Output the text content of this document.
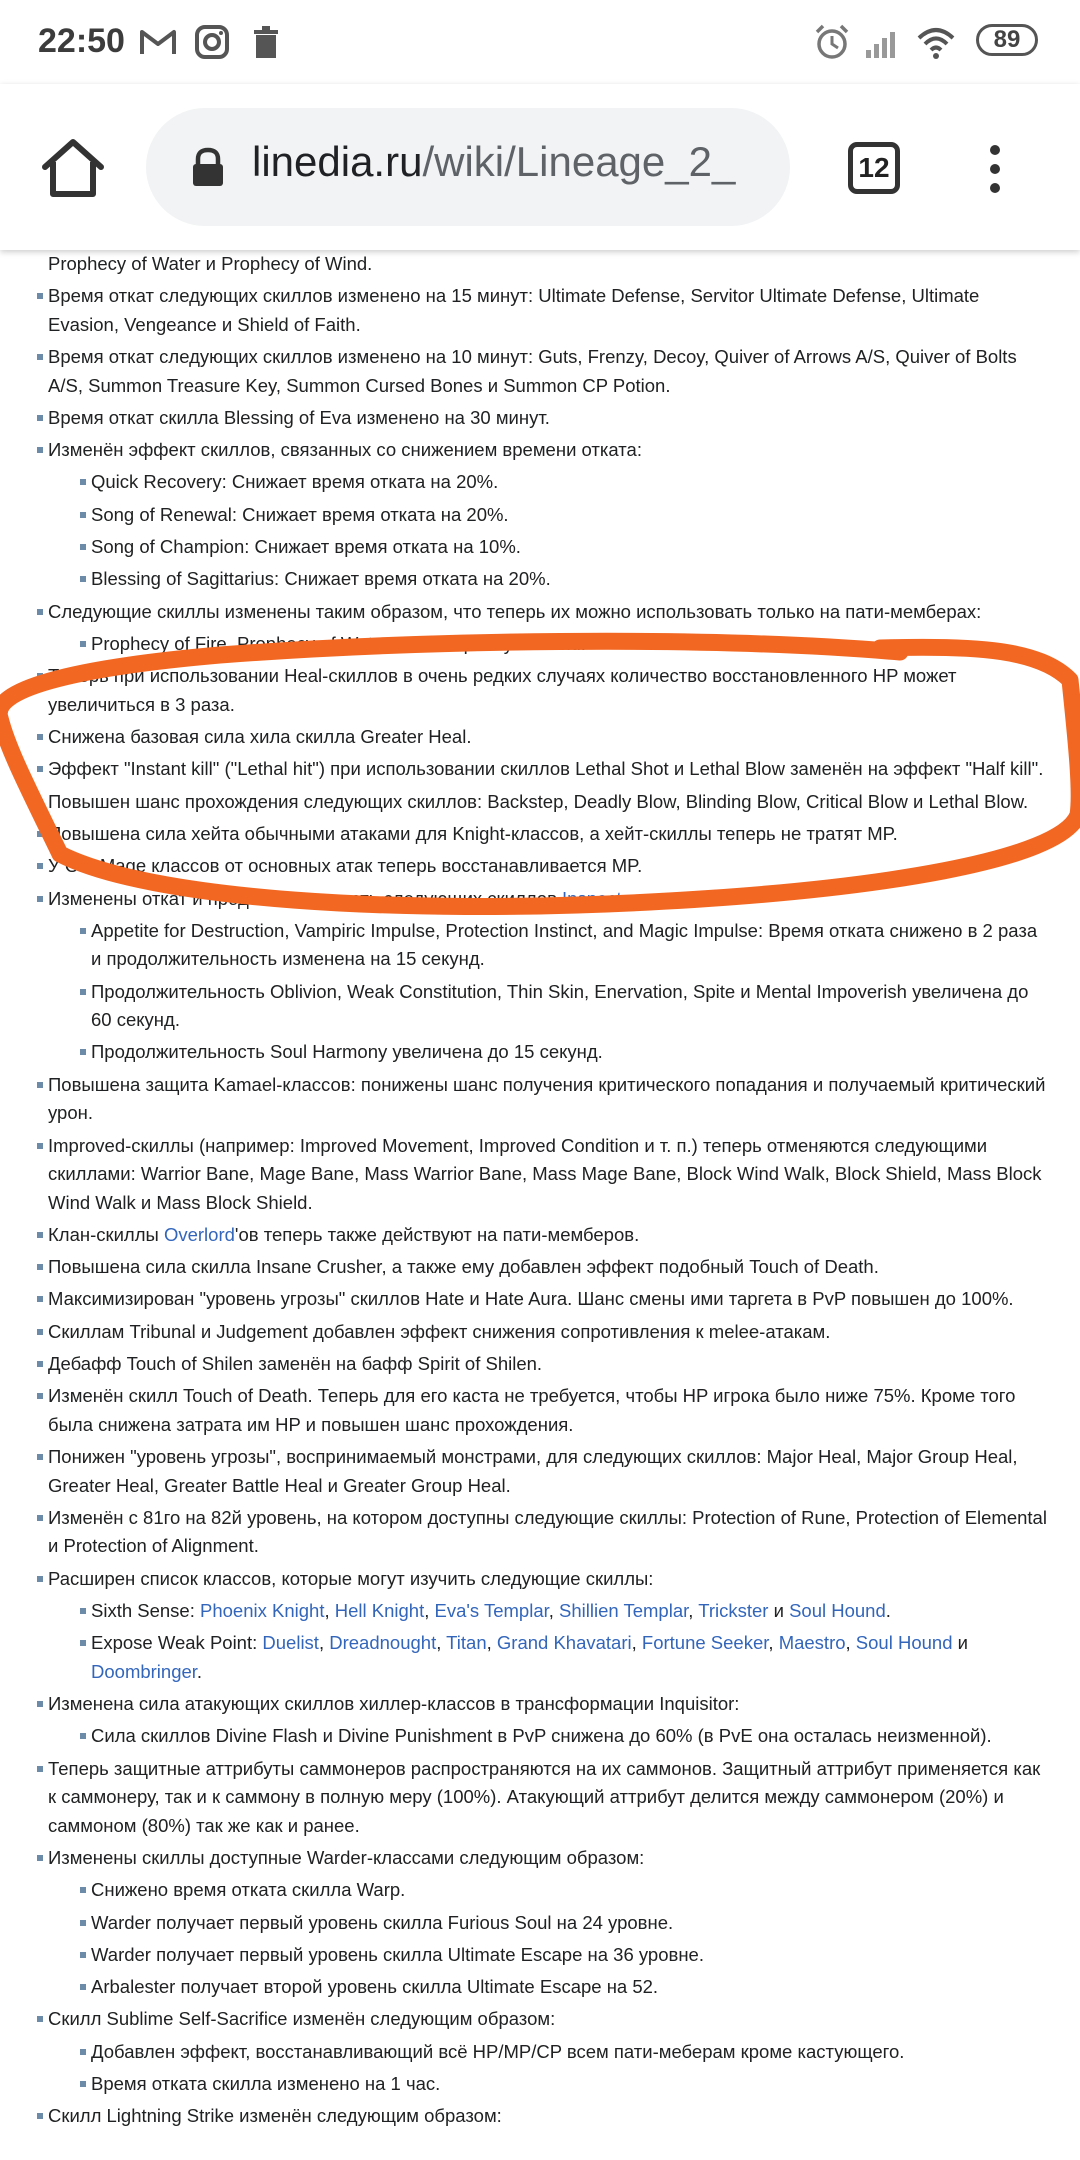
22:50	89
linedia.ru/wiki/Lineage_2_	12

Prophecy of Water и Prophecy of Wind.

Время откат следующих скиллов изменено на 15 минут: Ultimate Defense, Servitor Ultimate Defense, Ultimate Evasion, Vengeance и Shield of Faith.
Время откат следующих скиллов изменено на 10 минут: Guts, Frenzy, Decoy, Quiver of Arrows A/S, Quiver of Bolts A/S, Summon Treasure Key, Summon Cursed Bones и Summon CP Potion.
Время откат скилла Blessing of Eva изменено на 30 минут.
Изменён эффект скиллов, связанных со снижением времени отката:
Quick Recovery: Снижает время отката на 20%.
Song of Renewal: Снижает время отката на 20%.
Song of Champion: Снижает время отката на 10%.
Blessing of Sagittarius: Снижает время отката на 20%.
Следующие скиллы изменены таким образом, что теперь их можно использовать только на пати-мемберах:
Prophecy of Fire, Prophecy of Water, and Prophecy of Wind.
Теперь при использовании Heal-скиллов в очень редких случаях количество восстановленного HP может увеличиться в 3 раза.
Снижена базовая сила хила скилла Greater Heal.
Эффект "Instant kill" ("Lethal hit") при использовании скиллов Lethal Shot и Lethal Blow заменён на эффект "Half kill".
Повышен шанс прохождения следующих скиллов: Backstep, Deadly Blow, Blinding Blow, Critical Blow и Lethal Blow.
Повышена сила хейта обычными атаками для Knight-классов, а хейт-скиллы теперь не тратят MP.
У Orc Mage классов от основных атак теперь восстанавливается MP.
Изменены откат и продолжительность следующих скиллов Inspector:
Appetite for Destruction, Vampiric Impulse, Protection Instinct, and Magic Impulse: Время отката снижено в 2 раза и продолжительность изменена на 15 секунд.
Продолжительность Oblivion, Weak Constitution, Thin Skin, Enervation, Spite и Mental Impoverish увеличена до 60 секунд.
Продолжительность Soul Harmony увеличена до 15 секунд.
Повышена защита Kamael-классов: понижены шанс получения критического попадания и получаемый критический урон.
Improved-скиллы (например: Improved Movement, Improved Condition и т. п.) теперь отменяются следующими скиллами: Warrior Bane, Mage Bane, Mass Warrior Bane, Mass Mage Bane, Block Wind Walk, Block Shield, Mass Block Wind Walk и Mass Block Shield.
Клан-скиллы Overlord'ов теперь также действуют на пати-мемберов.
Повышена сила скилла Insane Crusher, а также ему добавлен эффект подобный Touch of Death.
Максимизирован "уровень угрозы" скиллов Hate и Hate Aura. Шанс смены ими таргета в PvP повышен до 100%.
Скиллам Tribunal и Judgement добавлен эффект снижения сопротивления к melee-атакам.
Дебафф Touch of Shilen заменён на бафф Spirit of Shilen.
Изменён скилл Touch of Death. Теперь для его каста не требуется, чтобы HP игрока было ниже 75%. Кроме того была снижена затрата им HP и повышен шанс прохождения.
Понижен "уровень угрозы", воспринимаемый монстрами, для следующих скиллов: Major Heal, Major Group Heal, Greater Heal, Greater Battle Heal и Greater Group Heal.
Изменён с 81го на 82й уровень, на котором доступны следующие скиллы: Protection of Rune, Protection of Elemental и Protection of Alignment.
Расширен список классов, которые могут изучить следующие скиллы:
Sixth Sense: Phoenix Knight, Hell Knight, Eva's Templar, Shillien Templar, Trickster и Soul Hound.
Expose Weak Point: Duelist, Dreadnought, Titan, Grand Khavatari, Fortune Seeker, Maestro, Soul Hound и Doombringer.
Изменена сила атакующих скиллов хиллер-классов в трансформации Inquisitor:
Сила скиллов Divine Flash и Divine Punishment в PvP снижена до 60% (в PvE она осталась неизменной).
Теперь защитные аттрибуты саммонеров распространяются на их саммонов. Защитный аттрибут применяется как к саммонеру, так и к саммону в полную меру (100%). Атакующий аттрибут делится между саммонером (20%) и саммоном (80%) так же как и ранее.
Изменены скиллы доступные Warder-классами следующим образом:
Снижено время отката скилла Warp.
Warder получает первый уровень скилла Furious Soul на 24 уровне.
Warder получает первый уровень скилла Ultimate Escape на 36 уровне.
Arbalester получает второй уровень скилла Ultimate Escape на 52.
Скилл Sublime Self-Sacrifice изменён следующим образом:
Добавлен эффект, восстанавливающий всё HP/MP/CP всем пати-меберам кроме кастующего.
Время отката скилла изменено на 1 час.
Скилл Lightning Strike изменён следующим образом:
